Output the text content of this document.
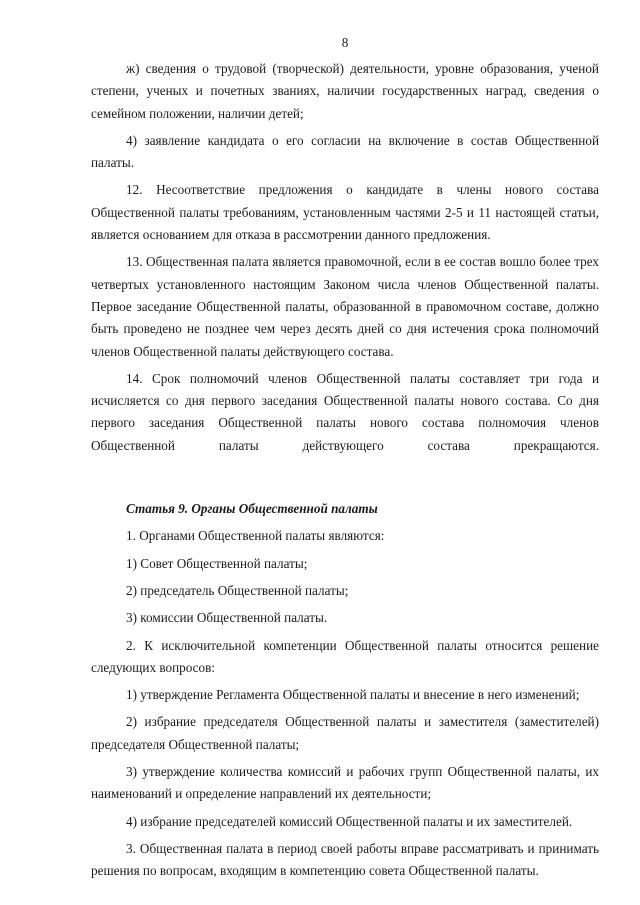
8

ж) сведения о трудовой (творческой) деятельности, уровне образования, ученой степени, ученых и почетных званиях, наличии государственных наград, сведения о семейном положении, наличии детей;

4) заявление кандидата о его согласии на включение в состав Общественной палаты.

12. Несоответствие предложения о кандидате в члены нового состава Общественной палаты требованиям, установленным частями 2-5 и 11 настоящей статьи, является основанием для отказа в рассмотрении данного предложения.

13. Общественная палата является правомочной, если в ее состав вошло более трех четвертых установленного настоящим Законом числа членов Общественной палаты. Первое заседание Общественной палаты, образованной в правомочном составе, должно быть проведено не позднее чем через десять дней со дня истечения срока полномочий членов Общественной палаты действующего состава.

14. Срок полномочий членов Общественной палаты составляет три года и исчисляется со дня первого заседания Общественной палаты нового состава. Со дня первого заседания Общественной палаты нового состава полномочия членов Общественной палаты действующего состава прекращаются.

Статья 9. Органы Общественной палаты

1. Органами Общественной палаты являются:

1) Совет Общественной палаты;

2) председатель Общественной палаты;

3) комиссии Общественной палаты.

2. К исключительной компетенции Общественной палаты относится решение следующих вопросов:

1) утверждение Регламента Общественной палаты и внесение в него изменений;

2) избрание председателя Общественной палаты и заместителя (заместителей) председателя Общественной палаты;

3) утверждение количества комиссий и рабочих групп Общественной палаты, их наименований и определение направлений их деятельности;

4) избрание председателей комиссий Общественной палаты и их заместителей.

3. Общественная палата в период своей работы вправе рассматривать и принимать решения по вопросам, входящим в компетенцию совета Общественной палаты.
